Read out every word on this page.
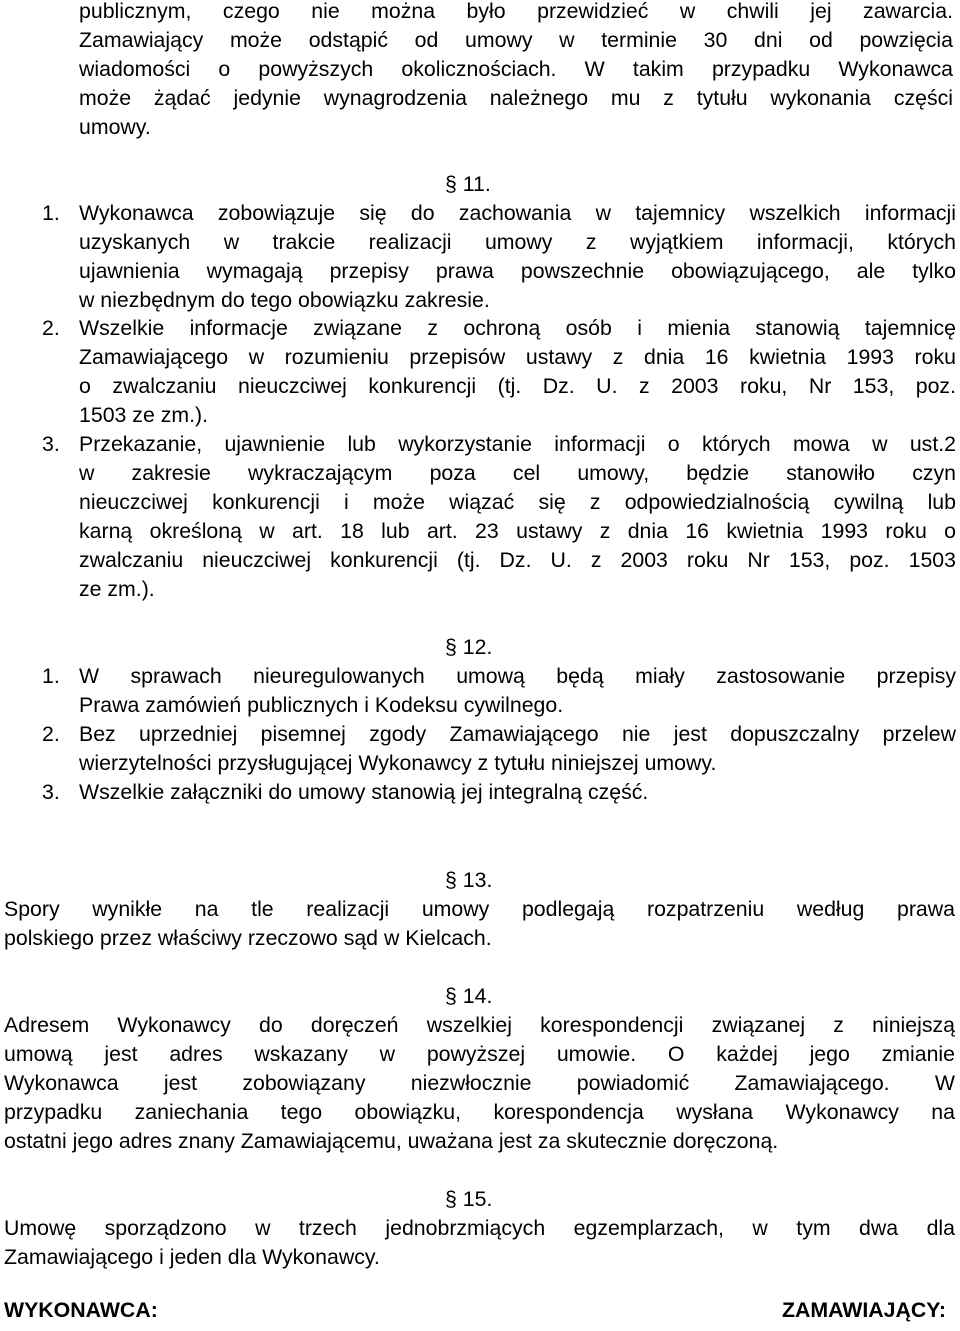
publicznym, czego nie można było przewidzieć w chwili jej zawarcia.
Zamawiający może odstąpić od umowy w terminie 30 dni od powzięcia
wiadomości o powyższych okolicznościach. W takim przypadku Wykonawca
może żądać jedynie wynagrodzenia należnego mu z tytułu wykonania części
umowy.
§ 11.
1. Wykonawca zobowiązuje się do zachowania w tajemnicy wszelkich informacji
uzyskanych w trakcie realizacji umowy z wyjątkiem informacji, których
ujawnienia wymagają przepisy prawa powszechnie obowiązującego, ale tylko
w niezbędnym do tego obowiązku zakresie.
2. Wszelkie informacje związane z ochroną osób i mienia stanowią tajemnicę
Zamawiającego w rozumieniu przepisów ustawy z dnia 16 kwietnia 1993 roku
o zwalczaniu nieuczciwej konkurencji (tj. Dz. U. z 2003 roku, Nr 153, poz.
1503 ze zm.).
3. Przekazanie, ujawnienie lub wykorzystanie informacji o których mowa w ust.2
w zakresie wykraczającym poza cel umowy, będzie stanowiło czyn
nieuczciwej konkurencji i może wiązać się z odpowiedzialnością cywilną lub
karną określoną w art. 18 lub art. 23 ustawy z dnia 16 kwietnia 1993 roku o
zwalczaniu nieuczciwej konkurencji (tj. Dz. U. z 2003 roku Nr 153, poz. 1503
ze zm.).
§ 12.
1. W sprawach nieuregulowanych umową będą miały zastosowanie przepisy
Prawa zamówień publicznych i Kodeksu cywilnego.
2. Bez uprzedniej pisemnej zgody Zamawiającego nie jest dopuszczalny przelew
wierzytelności przysługującej Wykonawcy z tytułu niniejszej umowy.
3. Wszelkie załączniki do umowy stanowią jej integralną część.
§ 13.
Spory wynikłe na tle realizacji umowy podlegają rozpatrzeniu według prawa
polskiego przez właściwy rzeczowo sąd w Kielcach.
§ 14.
Adresem Wykonawcy do doręczeń wszelkiej korespondencji związanej z niniejszą
umową jest adres wskazany w powyższej umowie. O każdej jego zmianie
Wykonawca jest zobowiązany niezwłocznie powiadomić Zamawiającego. W
przypadku zaniechania tego obowiązku, korespondencja wysłana Wykonawcy na
ostatni jego adres znany Zamawiającemu, uważana jest za skutecznie doręczoną.
§ 15.
Umowę sporządzono w trzech jednobrzmiących egzemplarzach, w tym dwa dla
Zamawiającego i jeden dla Wykonawcy.
WYKONAWCA:	ZAMAWIAJĄCY:
